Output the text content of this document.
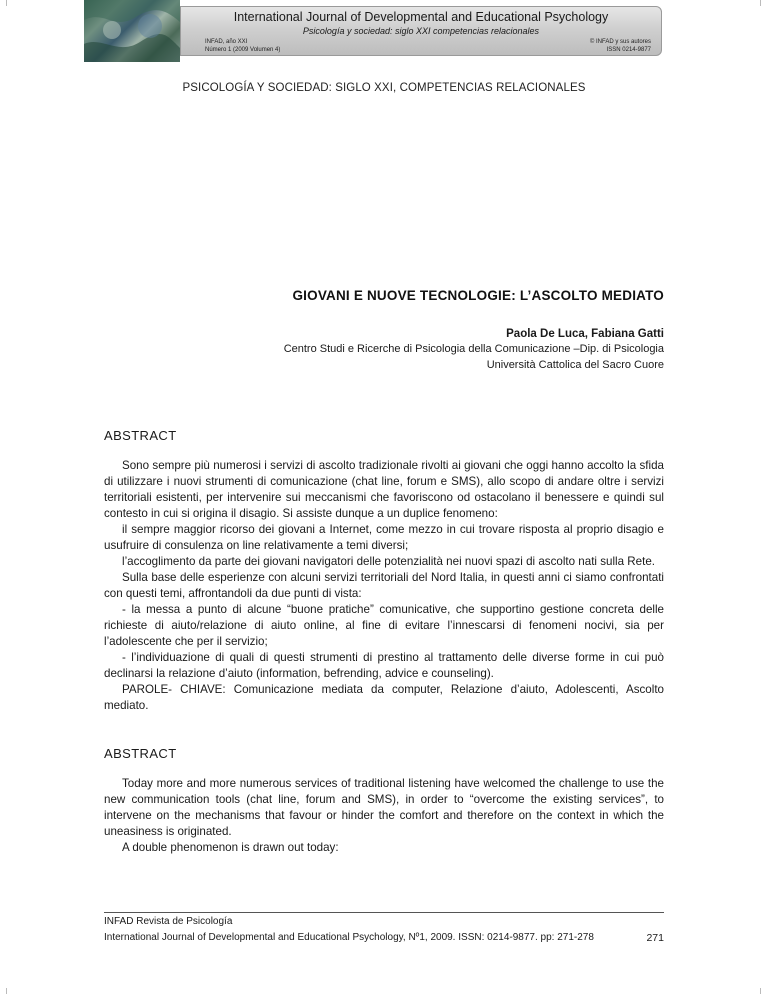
International Journal of Developmental and Educational Psychology
Psicología y sociedad: siglo XXI competencias relacionales
INFAD, año XXI
Número 1 (2009 Volumen 4)
© INFAD y sus autores
ISSN 0214-9877
PSICOLOGÍA Y SOCIEDAD: SIGLO XXI, COMPETENCIAS RELACIONALES
GIOVANI E NUOVE TECNOLOGIE: L’ASCOLTO MEDIATO
Paola De Luca, Fabiana Gatti
Centro Studi e Ricerche di Psicologia della Comunicazione –Dip. di Psicologia
Università Cattolica del Sacro Cuore
ABSTRACT

Sono sempre più numerosi i servizi di ascolto tradizionale rivolti ai giovani che oggi hanno accolto la sfida di utilizzare i nuovi strumenti di comunicazione (chat line, forum e SMS), allo scopo di andare oltre i servizi territoriali esistenti, per intervenire sui meccanismi che favoriscono od ostacolano il benessere e quindi sul contesto in cui si origina il disagio. Si assiste dunque a un duplice fenomeno:

il sempre maggior ricorso dei giovani a Internet, come mezzo in cui trovare risposta al proprio disagio e usufruire di consulenza on line relativamente a temi diversi;

l’accoglimento da parte dei giovani navigatori delle potenzialità nei nuovi spazi di ascolto nati sulla Rete.

Sulla base delle esperienze con alcuni servizi territoriali del Nord Italia, in questi anni ci siamo confrontati con questi temi, affrontandoli da due punti di vista:

- la messa a punto di alcune “buone pratiche” comunicative, che supportino gestione concreta delle richieste di aiuto/relazione di aiuto online, al fine di evitare l’innescarsi di fenomeni nocivi, sia per l’adolescente che per il servizio;

- l’individuazione di quali di questi strumenti di prestino al trattamento delle diverse forme in cui può declinarsi la relazione d’aiuto (information, befrending, advice e counseling).

PAROLE- CHIAVE: Comunicazione mediata da computer, Relazione d’aiuto, Adolescenti, Ascolto mediato.

ABSTRACT

Today more and more numerous services of traditional listening have welcomed the challenge to use the new communication tools (chat line, forum and SMS), in order to “overcome the existing services”, to intervene on the mechanisms that favour or hinder the comfort and therefore on the context in which the uneasiness is originated.

A double phenomenon is drawn out today:

INFAD Revista de Psicología
International Journal of Developmental and Educational Psychology, Nº1, 2009. ISSN: 0214-9877. pp: 271-278	271
